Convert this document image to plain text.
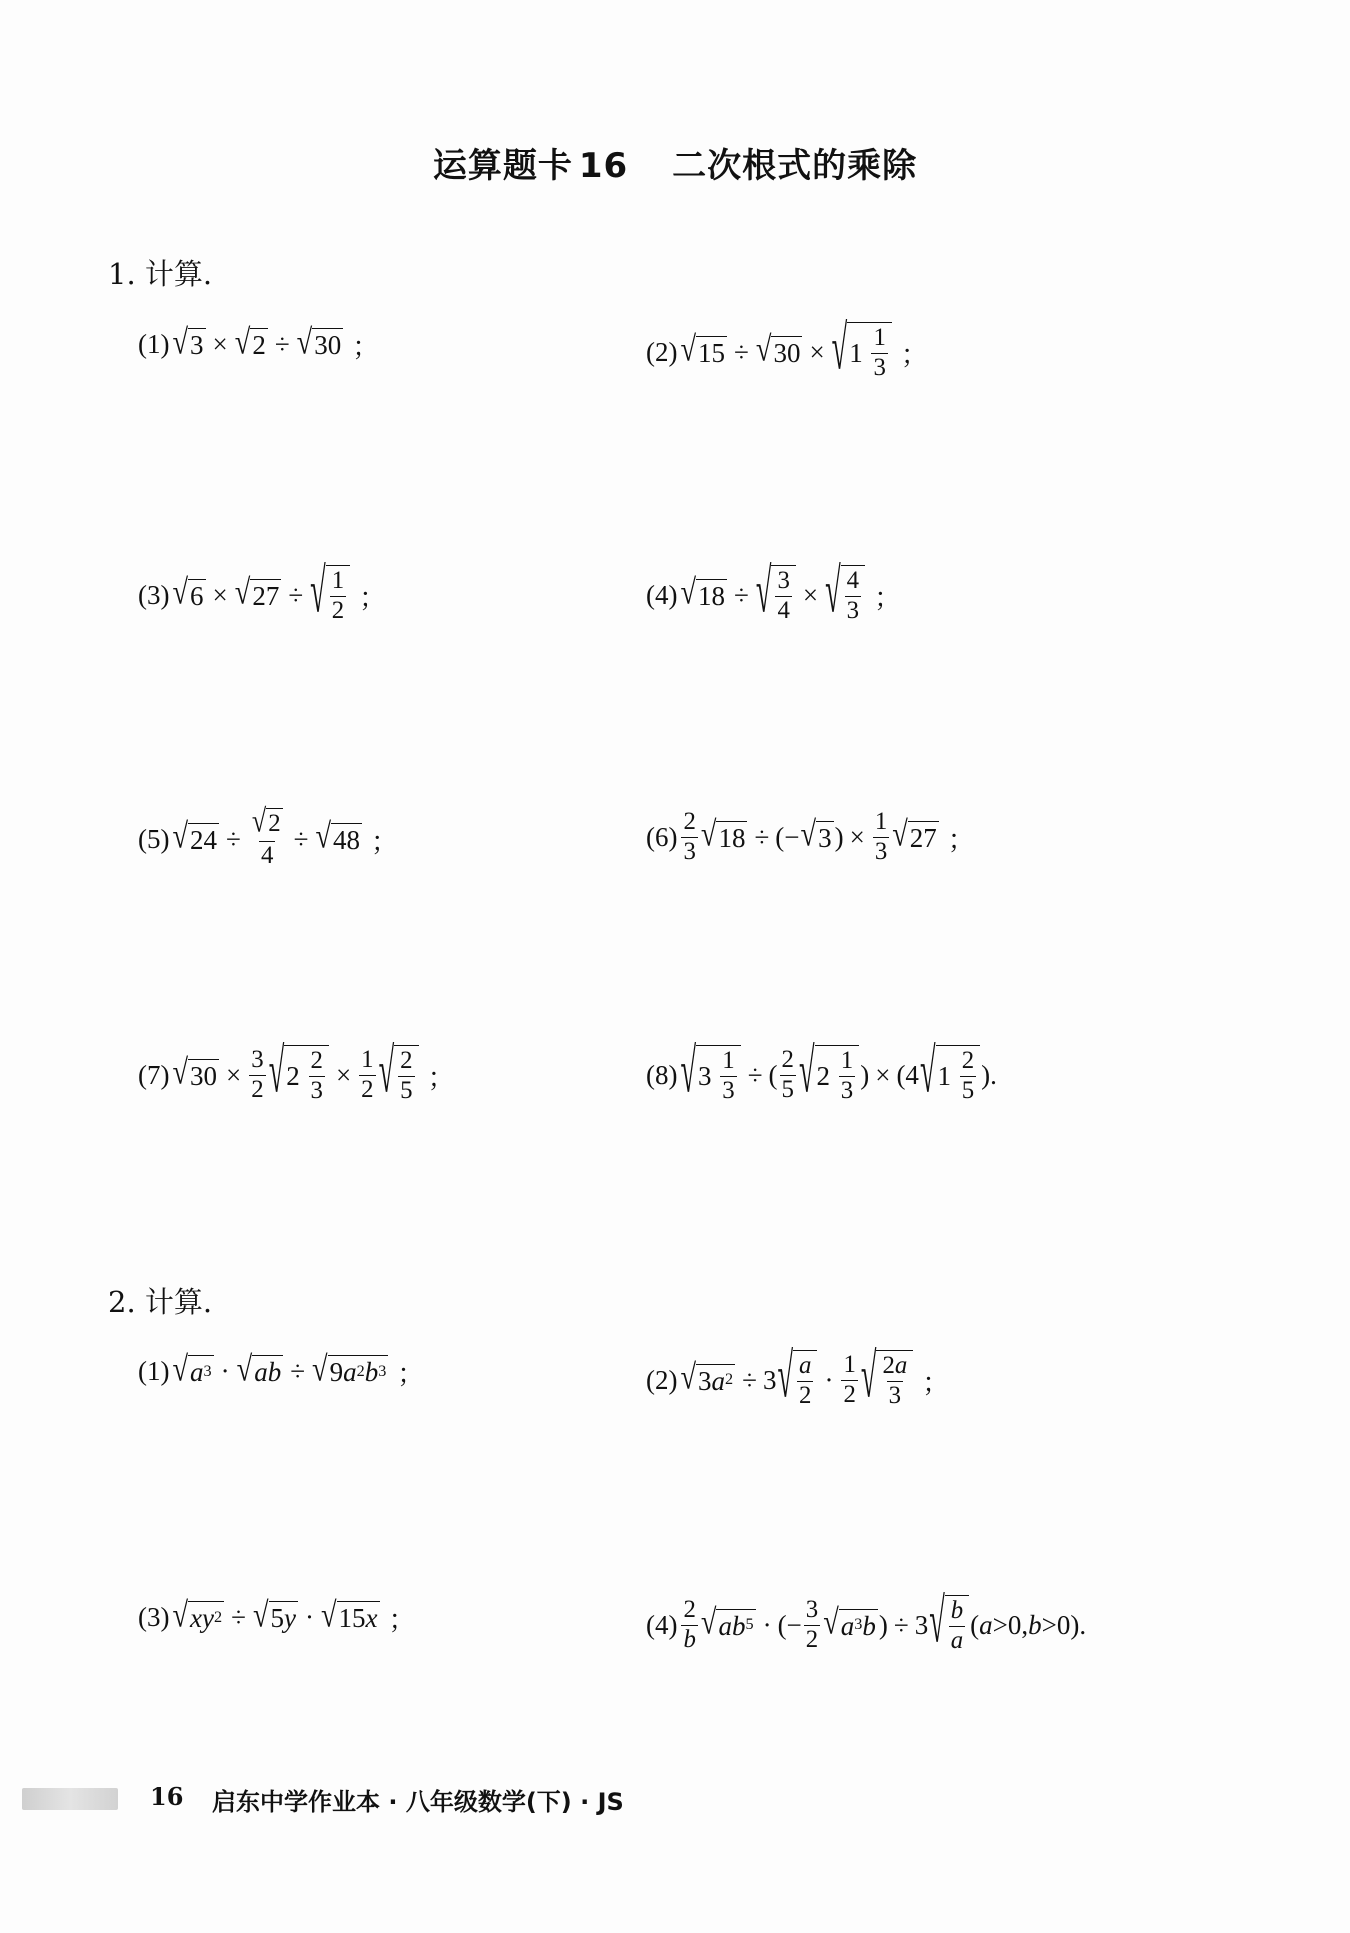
运算题卡 16 二次根式的乘除
1. 计算.
(1) √ 3 × √ 2 ÷ √ 30 ；	(2) √ 15 ÷ √ 30 × √ $1 \frac{1}{3}$ ；
(3) √ 6 × √ 27 ÷ √ $\frac{1}{2}$ ；	(4) √ 18 ÷ √ $\frac{3}{4}$ × √ $\frac{4}{3}$ ；
(5) √ $24 \div \frac{√ 2}{4}$ ÷ √ 48 ；	$(6) \frac{2}{3}$ √ 18 ÷ (− √ 3 ) × $\frac{1}{3}$ √ 27 ；
(7) √ $30 \times \frac{3}{2}$ √ $2 \frac{2}{3} \times \frac{1}{2}$ √ $\frac{2}{5}$ ；	(8) √ $3 \frac{1}{3}$ ÷ ( $\frac{2}{5}$ √ $2 \frac{1}{3}$ ) × (4 √ $1 \frac{2}{5}$ ).
2. 计算.
(1) √ $a^3$ · √ ab ÷ √ 9 $a^2$ $b^3$ ；	(2) √ 3 $a^2 \div 3$ √ $\frac{a}{2} \cdot \frac{1}{2}$ √ $\frac{2a}{3}$ ；
(3) √ $xy^2$ ÷ √ 5 y · √ 15 x ；	$(4) \frac{2}{b}$ √ $ab^5$ · (− $\frac{3}{2}$ √ $a^3$ b ) ÷ 3 √ $\frac{b}{a}$ ( a >0, b >0).
16 启东中学作业本 · 八年级数学(下) · JS
